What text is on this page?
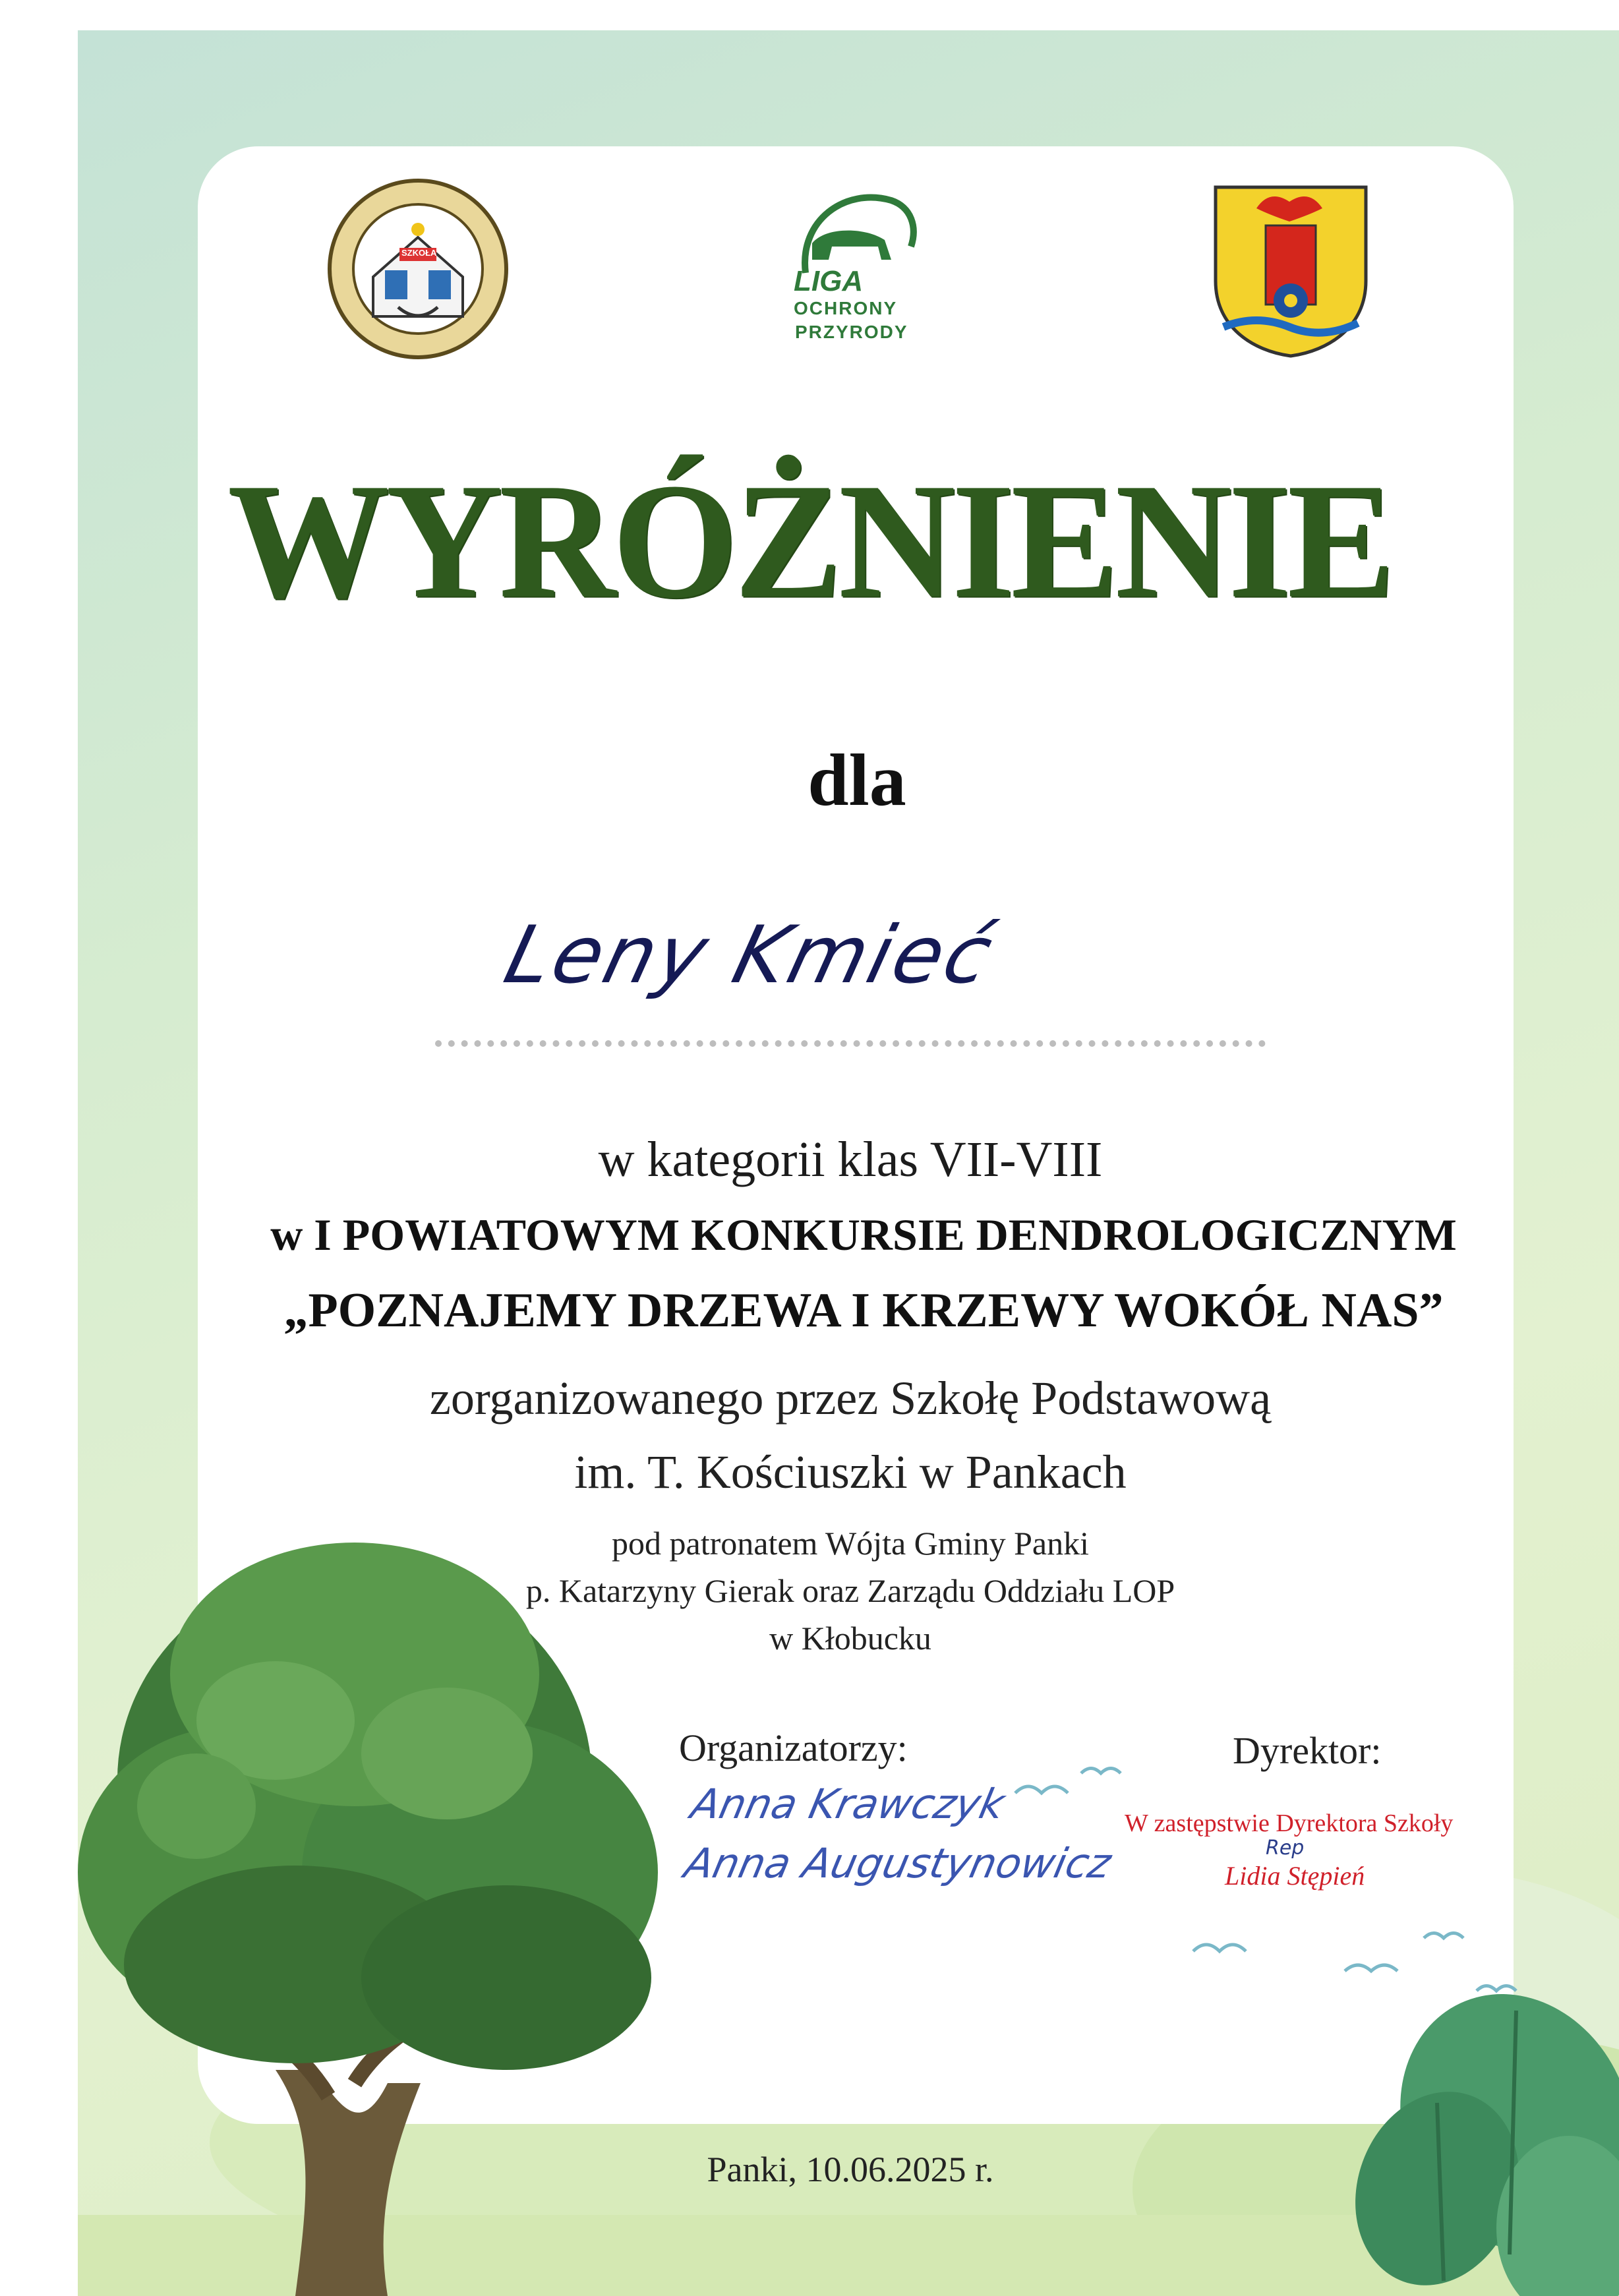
SZKOŁA
LIGA
OCHRONY
PRZYRODY
WYRÓŻNIENIE
dla
Leny Kmieć
w kategorii klas VII-VIII
w I POWIATOWYM KONKURSIE DENDROLOGICZNYM
„POZNAJEMY DRZEWA I KRZEWY WOKÓŁ NAS”
zorganizowanego przez Szkołę Podstawową
im. T. Kościuszki w Pankach
pod patronatem Wójta Gminy Panki
p. Katarzyny Gierak oraz Zarządu Oddziału LOP
w Kłobucku
Organizatorzy:	Dyrektor:
Anna Krawczyk
Anna Augustynowicz
W zastępstwie Dyrektora Szkoły
Rep
Lidia Stępień
Panki, 10.06.2025 r.
